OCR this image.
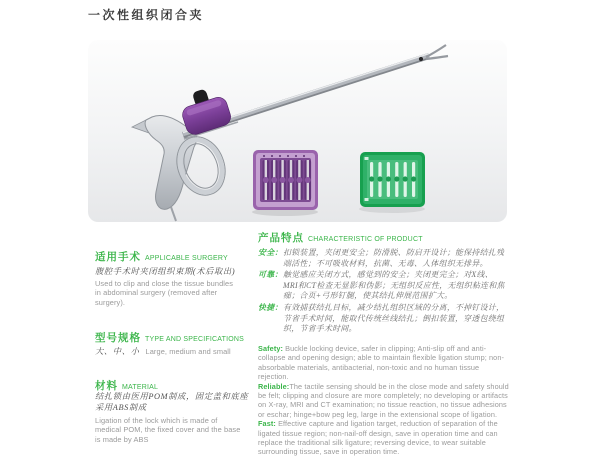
一次性组织闭合夹
适用手术 APPLICABLE SURGERY
腹腔手术时夹闭组织束期(术后取出)
Used to clip and close the tissue bundles in abdominal surgery (removed after surgery).
型号规格 TYPE AND SPECIFICATIONS
大、中、小 Large, medium and small
材料 MATERIAL
结扎锁由医用POM制成，固定盖和底座采用ABS制成
Ligation of the lock which is made of medical POM, the fixed cover and the base is made by ABS
产品特点 CHARACTERISTIC OF PRODUCT
安全： 扣锁装置，夹闭更安全；防滑脱、防启开设计；能保持结扎残端活性；不可吸收材料，抗菌、无毒、人体组织无排异。
可靠： 触觉感应关闭方式，感觉到的安全；夹闭更完全；对X线、MRI和CT检查无显影和伪影；无组织反应性，无组织粘连和焦痂；合页+弓形钉腿，使其结扎伸展范围扩大。
快捷： 有效捕获结扎目标，减少结扎组织区域的分离，不掉钉设计，节省手术时间，能取代传统丝线结扎；倒扣装置，穿透包绕组织，节省手术时间。

Safety: Buckle locking device, safer in clipping; Anti-slip off and anti-collapse and opening design; able to maintain flexible ligation stump; non-absorbable materials, antibacterial, non-toxic and no human tissue rejection.

Reliable:The tactile sensing should be in the close mode and safety should be felt; clipping and closure are more completely; no developing or artifacts on X-ray, MRI and CT examination; no tissue reaction, no tissue adhesions or eschar; hinge+bow peg leg, large in the extensional scope of ligation.

Fast: Effective capture and ligation target, reduction of separation of the ligated tissue region; non-nail-off design, save in operation time and can replace the traditional silk ligature; reversing device, to wear suitable surrounding tissue, save in operation time.
